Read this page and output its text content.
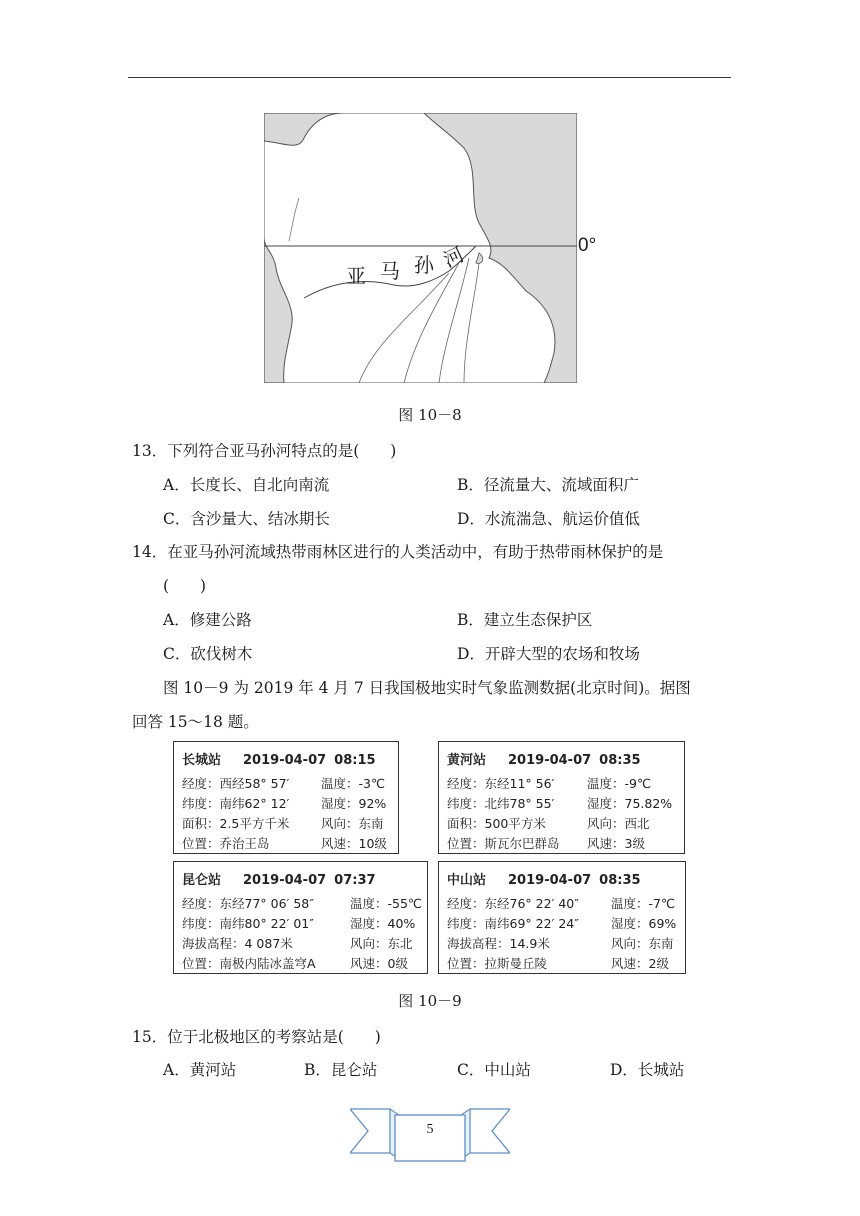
亚 马 孙 河	0°
图 10－8
13．下列符合亚马孙河特点的是(　　)
A．长度长、自北向南流	B．径流量大、流域面积广
C．含沙量大、结冰期长	D．水流湍急、航运价值低
14．在亚马孙河流域热带雨林区进行的人类活动中，有助于热带雨林保护的是
(　　)
A．修建公路	B．建立生态保护区
C．砍伐树木	D．开辟大型的农场和牧场
图 10－9 为 2019 年 4 月 7 日我国极地实时气象监测数据(北京时间)。据图
回答 15～18 题。
长城站 2019-04-07 08:15
经度：西经58° 57′	温度：-3℃
纬度：南纬62° 12′	湿度：92%
面积：2.5平方千米	风向：东南
位置：乔治王岛	风速：10级
黄河站 2019-04-07 08:35
经度：东经11° 56′	温度：-9℃
纬度：北纬78° 55′	湿度：75.82%
面积：500平方米	风向：西北
位置：斯瓦尔巴群岛 风速：3级
昆仑站 2019-04-07 07:37
经度：东经77° 06′ 58″	温度：-55℃
纬度：南纬80° 22′ 01″	湿度：40%
海拔高程：4 087米	风向：东北
位置：南极内陆冰盖穹A	风速：0级
中山站 2019-04-07 08:35
经度：东经76° 22′ 40″	温度：-7℃
纬度：南纬69° 22′ 24″	湿度：69%
海拔高程：14.9米	风向：东南
位置：拉斯曼丘陵	风速：2级
图 10－9
15．位于北极地区的考察站是(　　)
A．黄河站	B．昆仑站	C．中山站	D．长城站
5
